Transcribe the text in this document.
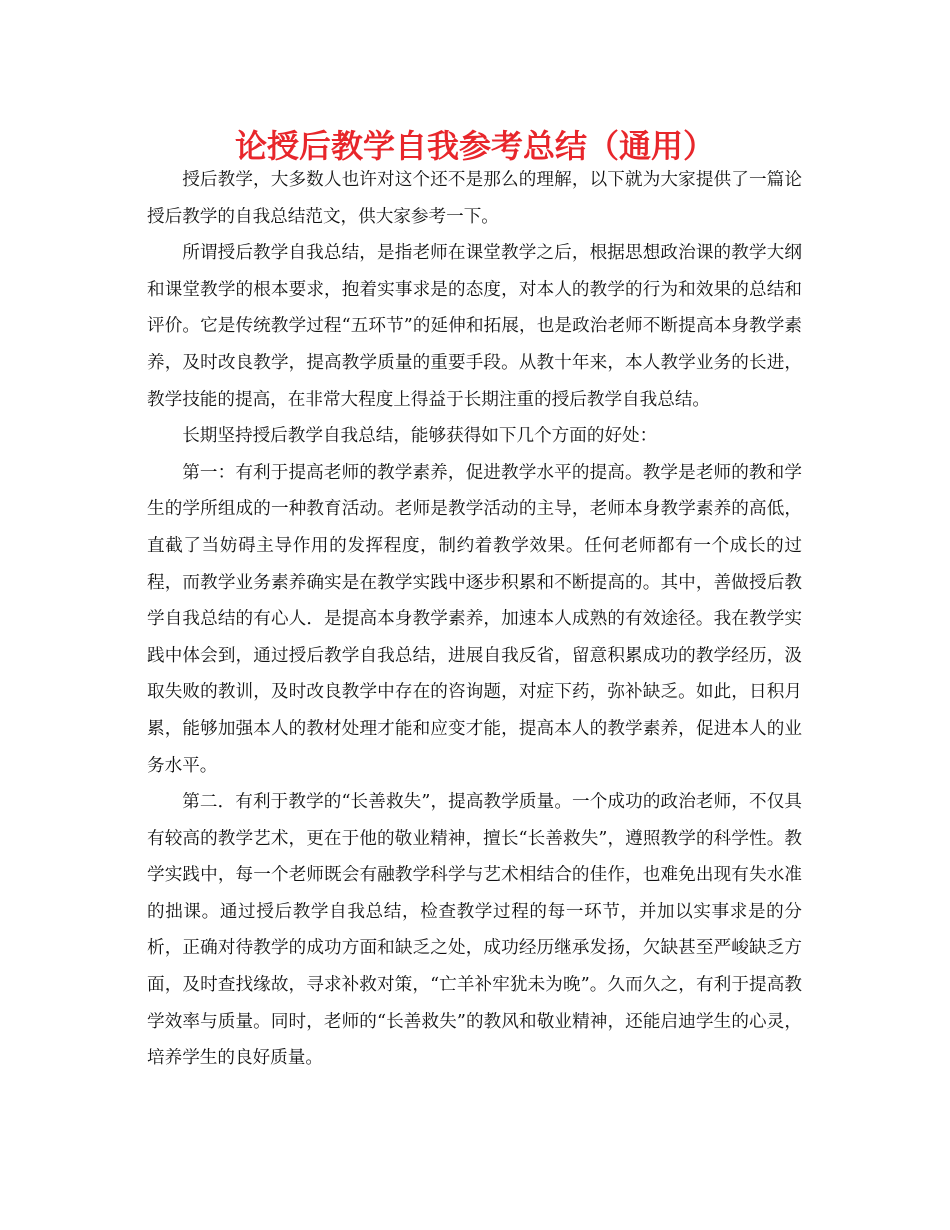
论授后教学自我参考总结（通用）

授后教学，大多数人也许对这个还不是那么的理解，以下就为大家提供了一篇论授后教学的自我总结范文，供大家参考一下。

所谓授后教学自我总结，是指老师在课堂教学之后，根据思想政治课的教学大纲和课堂教学的根本要求，抱着实事求是的态度，对本人的教学的行为和效果的总结和评价。它是传统教学过程“五环节”的延伸和拓展，也是政治老师不断提高本身教学素养，及时改良教学，提高教学质量的重要手段。从教十年来，本人教学业务的长进，教学技能的提高，在非常大程度上得益于长期注重的授后教学自我总结。

长期坚持授后教学自我总结，能够获得如下几个方面的好处：

第一：有利于提高老师的教学素养，促进教学水平的提高。教学是老师的教和学生的学所组成的一种教育活动。老师是教学活动的主导，老师本身教学素养的高低，直截了当妨碍主导作用的发挥程度，制约着教学效果。任何老师都有一个成长的过程，而教学业务素养确实是在教学实践中逐步积累和不断提高的。其中，善做授后教学自我总结的有心人．是提高本身教学素养，加速本人成熟的有效途径。我在教学实践中体会到，通过授后教学自我总结，进展自我反省，留意积累成功的教学经历，汲取失败的教训，及时改良教学中存在的咨询题，对症下药，弥补缺乏。如此，日积月累，能够加强本人的教材处理才能和应变才能，提高本人的教学素养，促进本人的业务水平。

第二．有利于教学的“长善救失”，提高教学质量。一个成功的政治老师，不仅具有较高的教学艺术，更在于他的敬业精神，擅长“长善救失”，遵照教学的科学性。教学实践中，每一个老师既会有融教学科学与艺术相结合的佳作，也难免出现有失水准的拙课。通过授后教学自我总结，检查教学过程的每一环节，并加以实事求是的分析，正确对待教学的成功方面和缺乏之处，成功经历继承发扬，欠缺甚至严峻缺乏方面，及时查找缘故，寻求补救对策，“亡羊补牢犹未为晚”。久而久之，有利于提高教学效率与质量。同时，老师的“长善救失”的教风和敬业精神，还能启迪学生的心灵，培养学生的良好质量。
